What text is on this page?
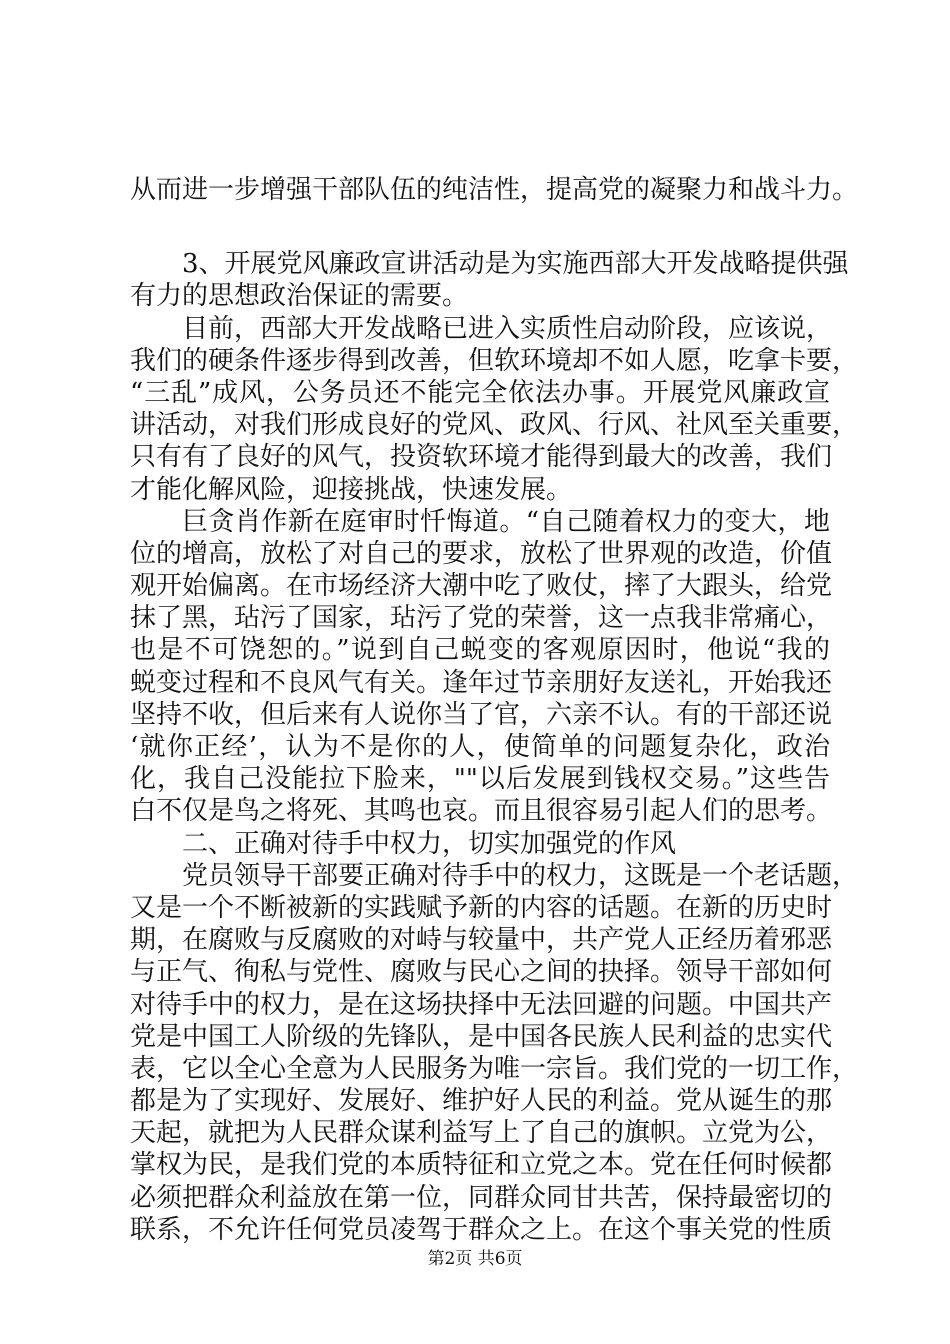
从而进一步增强干部队伍的纯洁性，提高党的凝聚力和战斗力。
3、开展党风廉政宣讲活动是为实施西部大开发战略提供强
有力的思想政治保证的需要。
目前，西部大开发战略已进入实质性启动阶段，应该说，
我们的硬条件逐步得到改善，但软环境却不如人愿，吃拿卡要，
“三乱”成风，公务员还不能完全依法办事。开展党风廉政宣
讲活动，对我们形成良好的党风、政风、行风、社风至关重要，
只有有了良好的风气，投资软环境才能得到最大的改善，我们
才能化解风险，迎接挑战，快速发展。
巨贪肖作新在庭审时忏悔道。“自己随着权力的变大，地
位的增高，放松了对自己的要求，放松了世界观的改造，价值
观开始偏离。在市场经济大潮中吃了败仗，摔了大跟头，给党
抹了黑，玷污了国家，玷污了党的荣誉，这一点我非常痛心，
也是不可饶恕的。”说到自己蜕变的客观原因时，他说“我的
蜕变过程和不良风气有关。逢年过节亲朋好友送礼，开始我还
坚持不收，但后来有人说你当了官，六亲不认。有的干部还说
‘就你正经’，认为不是你的人，使简单的问题复杂化，政治
化，我自己没能拉下脸来，""以后发展到钱权交易。”这些告
白不仅是鸟之将死、其鸣也哀。而且很容易引起人们的思考。
二、正确对待手中权力，切实加强党的作风
党员领导干部要正确对待手中的权力，这既是一个老话题，
又是一个不断被新的实践赋予新的内容的话题。在新的历史时
期，在腐败与反腐败的对峙与较量中，共产党人正经历着邪恶
与正气、徇私与党性、腐败与民心之间的抉择。领导干部如何
对待手中的权力，是在这场抉择中无法回避的问题。中国共产
党是中国工人阶级的先锋队，是中国各民族人民利益的忠实代
表，它以全心全意为人民服务为唯一宗旨。我们党的一切工作，
都是为了实现好、发展好、维护好人民的利益。党从诞生的那
天起，就把为人民群众谋利益写上了自己的旗帜。立党为公，
掌权为民，是我们党的本质特征和立党之本。党在任何时候都
必须把群众利益放在第一位，同群众同甘共苦，保持最密切的
联系，不允许任何党员凌驾于群众之上。在这个事关党的性质
第2页 共6页
